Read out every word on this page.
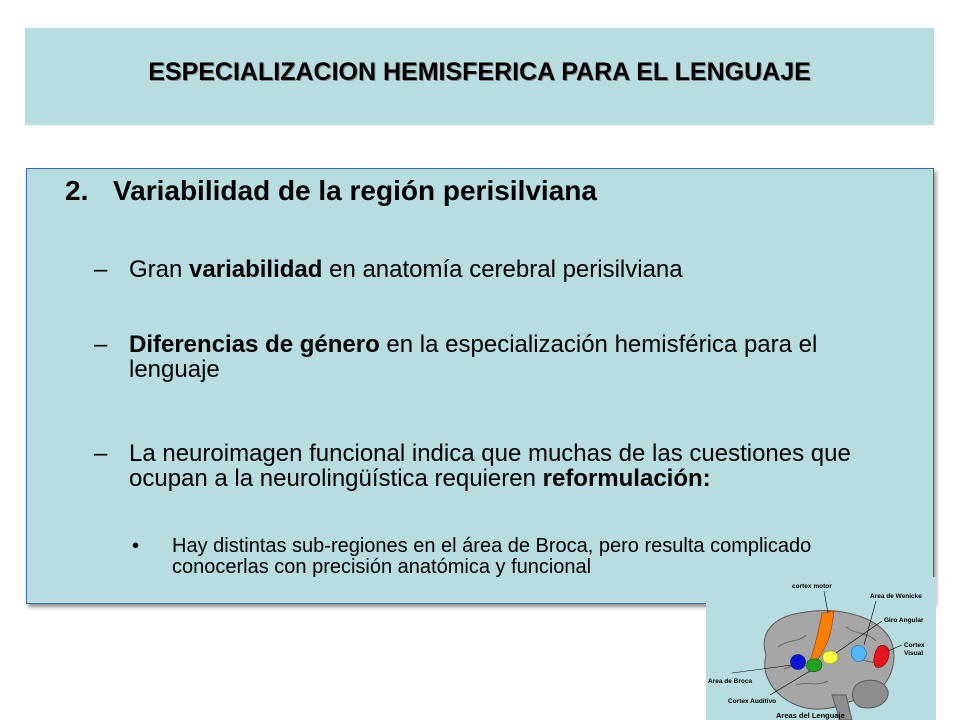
ESPECIALIZACION HEMISFERICA PARA EL LENGUAJE
2. Variabilidad de la región perisilviana
– Gran variabilidad en anatomía cerebral perisilviana
– Diferencias de género en la especialización hemisférica para el lenguaje
– La neuroimagen funcional indica que muchas de las cuestiones que ocupan a la neurolingüística requieren reformulación:
• Hay distintas sub-regiones en el área de Broca, pero resulta complicado conocerlas con precisión anatómica y funcional
cortex motor
Area de Wenicke
Giro Angular
Cortex
Visual
Area de Broca
Cortex Auditivo
Areas del Lenguaje
